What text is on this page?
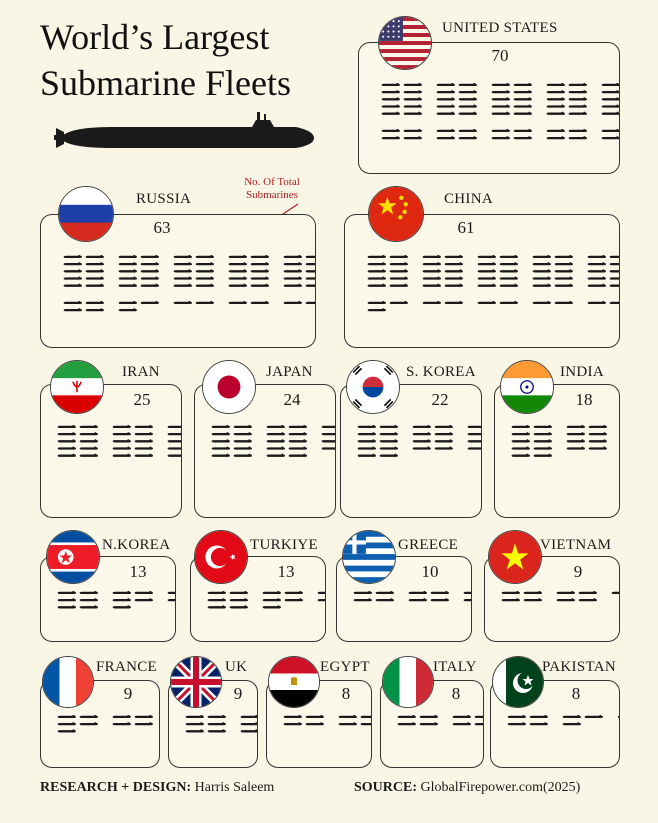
World’s Largest Submarine Fleets
No. Of Total Submarines
UNITED STATES
70
RUSSIA
63
CHINA
61
IRAN
25
JAPAN
24
S. KOREA
22
INDIA
18
N.KOREA
13
TURKIYE
13
GREECE
10
VIETNAM
9
FRANCE
9
UK
9
EGYPT
8
ITALY
8
PAKISTAN
8
RESEARCH + DESIGN: Harris Saleem	SOURCE: GlobalFirepower.com(2025)
